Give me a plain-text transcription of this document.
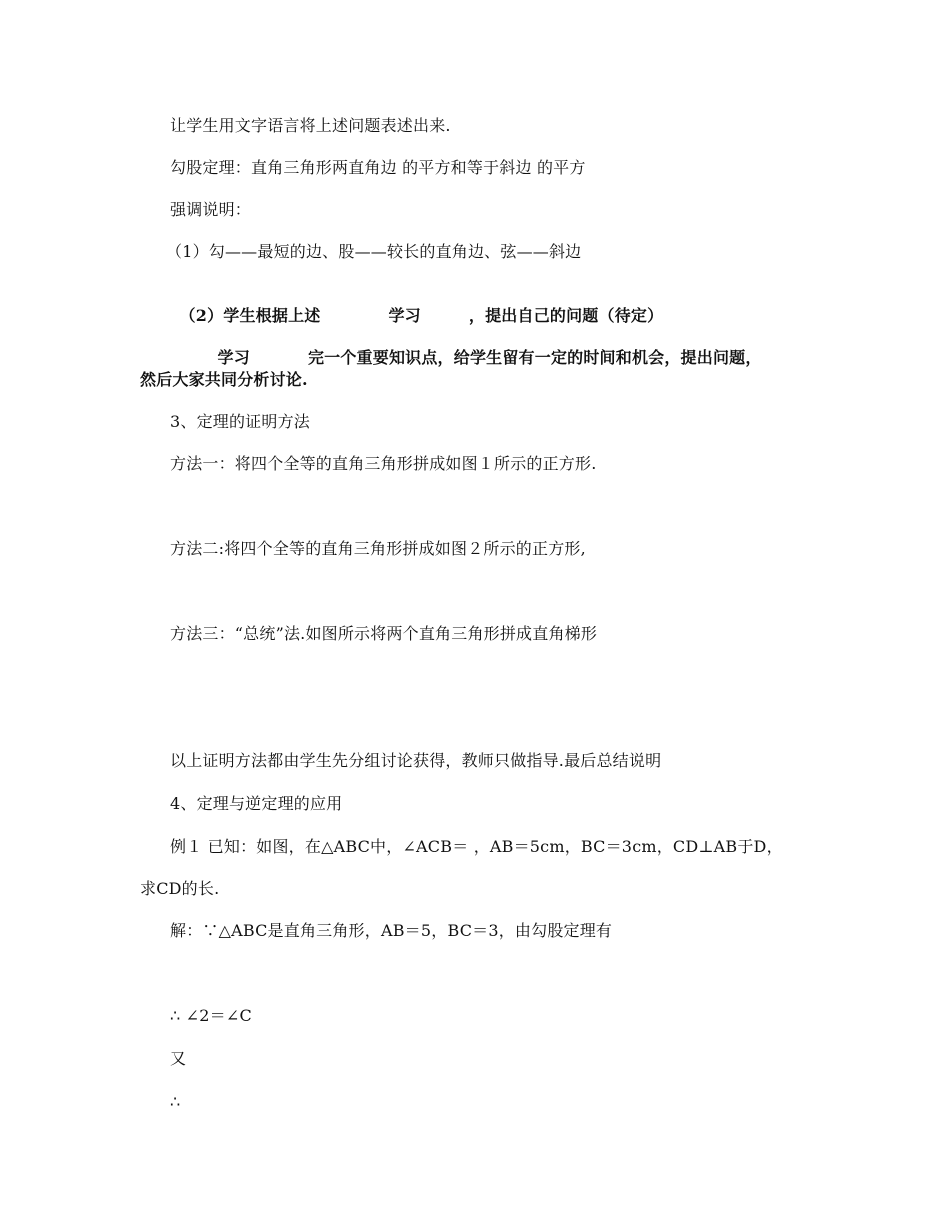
让学生用文字语言将上述问题表述出来.
勾股定理：直角三角形两直角边 的平方和等于斜边 的平方
强调说明：
（1）勾——最短的边、股——较长的直角边、弦——斜边

（2）学生根据上述	学习	，提出自己的问题（待定）

学习	完一个重要知识点，给学生留有一定的时间和机会，提出问题，

然后大家共同分析讨论.
3、定理的证明方法
方法一：将四个全等的直角三角形拼成如图１所示的正方形.
方法二:将四个全等的直角三角形拼成如图２所示的正方形,
方法三：“总统”法.如图所示将两个直角三角形拼成直角梯形
以上证明方法都由学生先分组讨论获得，教师只做指导.最后总结说明
4、定理与逆定理的应用
例１ 已知：如图，在△ABC中，∠ACB＝ ，AB＝5cm，BC＝3cm，CD⊥AB于D，
求CD的长.
解：∵△ABC是直角三角形，AB＝5，BC＝3，由勾股定理有
∴ ∠2＝∠C
又
∴
